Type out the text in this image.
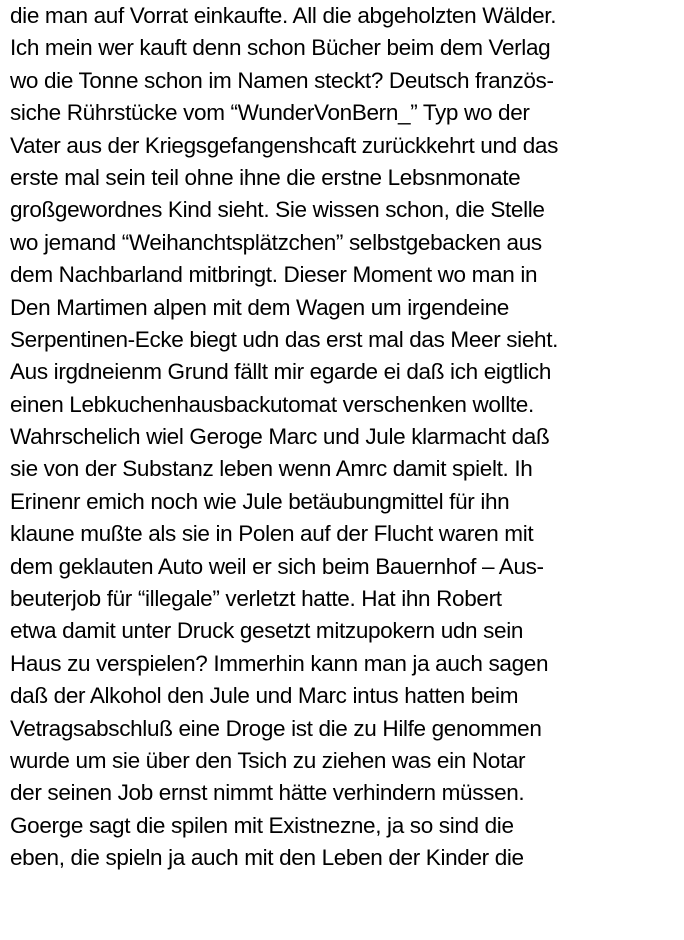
die man auf Vorrat einkaufte. All die abgeholzten Wälder.
Ich mein wer kauft denn schon Bücher beim dem Verlag
wo die Tonne schon im Namen steckt? Deutsch französ-
siche Rührstücke vom “WunderVonBern_” Typ wo der
Vater aus der Kriegsgefangenshcaft zurückkehrt und das
erste mal sein teil ohne ihne die erstne Lebsnmonate
großgewordnes Kind sieht. Sie wissen schon, die Stelle
wo jemand “Weihanchtsplätzchen” selbstgebacken aus
dem Nachbarland mitbringt. Dieser Moment wo man in
Den Martimen alpen mit dem Wagen um irgendeine
Serpentinen-Ecke biegt udn das erst mal das Meer sieht.
Aus irgdneienm Grund fällt mir egarde ei daß ich eigtlich
einen Lebkuchenhausbackutomat verschenken wollte.
Wahrschelich wiel Geroge Marc und Jule klarmacht daß
sie von der Substanz leben wenn Amrc damit spielt. Ih
Erinenr emich noch wie Jule betäubungmittel für ihn
klaune mußte als sie in Polen auf der Flucht waren mit
dem geklauten Auto weil er sich beim Bauernhof – Aus-
beuterjob für “illegale” verletzt hatte. Hat ihn Robert
etwa damit unter Druck gesetzt mitzupokern udn sein
Haus zu verspielen? Immerhin kann man ja auch sagen
daß der Alkohol den Jule und Marc intus hatten beim
Vetragsabschluß eine Droge ist die zu Hilfe genommen
wurde um sie über den Tsich zu ziehen was ein Notar
der seinen Job ernst nimmt hätte verhindern müssen.
Goerge sagt die spilen mit Existnezne, ja so sind die
eben, die spieln ja auch mit den Leben der Kinder die
